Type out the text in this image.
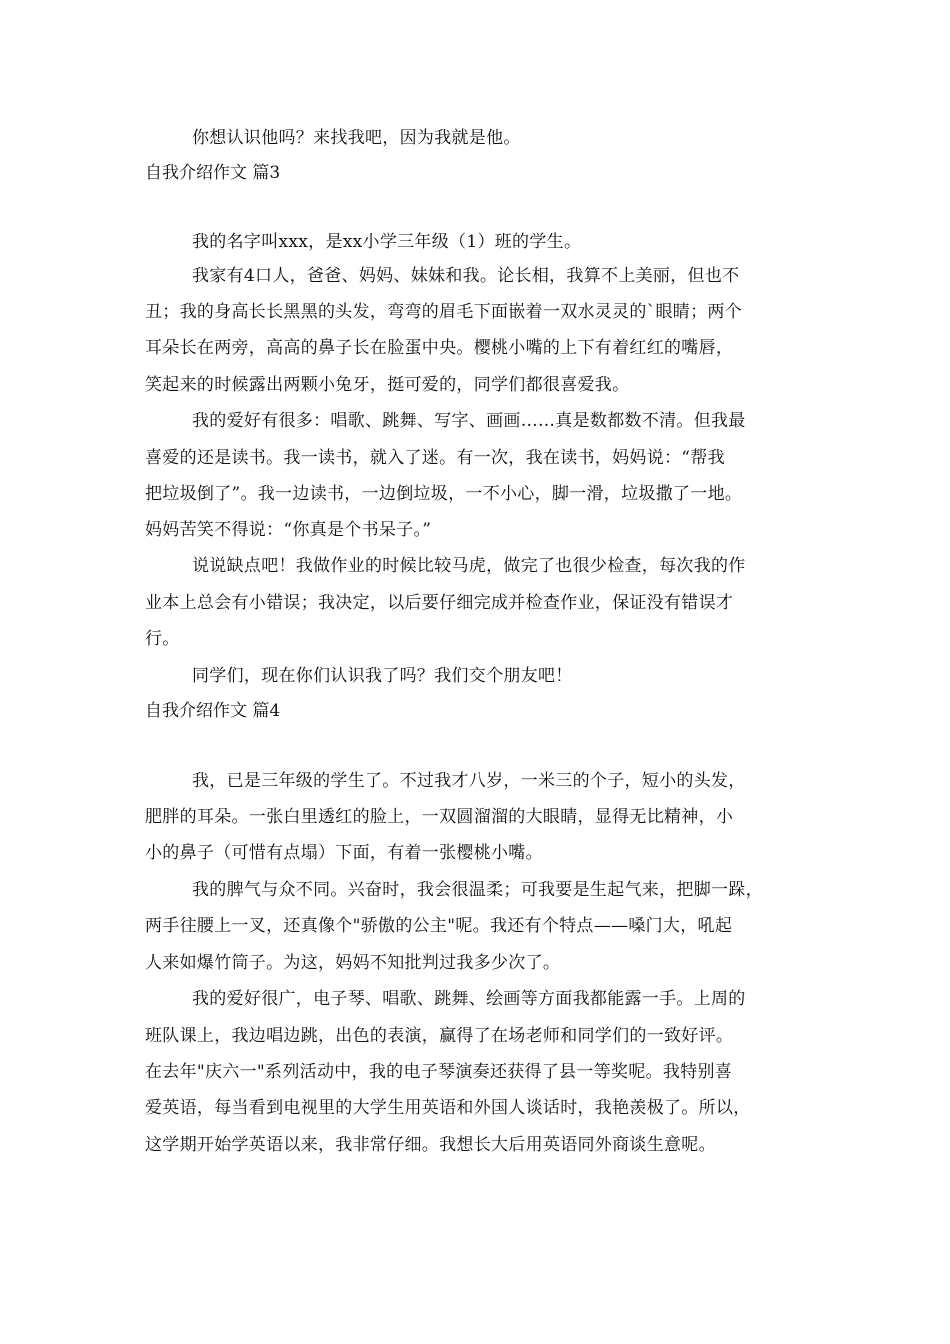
你想认识他吗？来找我吧，因为我就是他。
自我介绍作文 篇3
我的名字叫xxx，是xx小学三年级（1）班的学生。
我家有4口人，爸爸、妈妈、妹妹和我。论长相，我算不上美丽，但也不
丑；我的身高长长黑黑的头发，弯弯的眉毛下面嵌着一双水灵灵的`眼睛；两个
耳朵长在两旁，高高的鼻子长在脸蛋中央。樱桃小嘴的上下有着红红的嘴唇，
笑起来的时候露出两颗小兔牙，挺可爱的，同学们都很喜爱我。
我的爱好有很多：唱歌、跳舞、写字、画画……真是数都数不清。但我最
喜爱的还是读书。我一读书，就入了迷。有一次，我在读书，妈妈说：“帮我
把垃圾倒了”。我一边读书，一边倒垃圾，一不小心，脚一滑，垃圾撒了一地。
妈妈苦笑不得说：“你真是个书呆子。”
说说缺点吧！我做作业的时候比较马虎，做完了也很少检查，每次我的作
业本上总会有小错误；我决定，以后要仔细完成并检查作业，保证没有错误才
行。
同学们，现在你们认识我了吗？我们交个朋友吧！
自我介绍作文 篇4
我，已是三年级的学生了。不过我才八岁，一米三的个子，短小的头发，
肥胖的耳朵。一张白里透红的脸上，一双圆溜溜的大眼睛，显得无比精神，小
小的鼻子（可惜有点塌）下面，有着一张樱桃小嘴。
我的脾气与众不同。兴奋时，我会很温柔；可我要是生起气来，把脚一跺，
两手往腰上一叉，还真像个"骄傲的公主"呢。我还有个特点——嗓门大，吼起
人来如爆竹筒子。为这，妈妈不知批判过我多少次了。
我的爱好很广，电子琴、唱歌、跳舞、绘画等方面我都能露一手。上周的
班队课上，我边唱边跳，出色的表演，赢得了在场老师和同学们的一致好评。
在去年"庆六一"系列活动中，我的电子琴演奏还获得了县一等奖呢。我特别喜
爱英语，每当看到电视里的大学生用英语和外国人谈话时，我艳羡极了。所以，
这学期开始学英语以来，我非常仔细。我想长大后用英语同外商谈生意呢。
